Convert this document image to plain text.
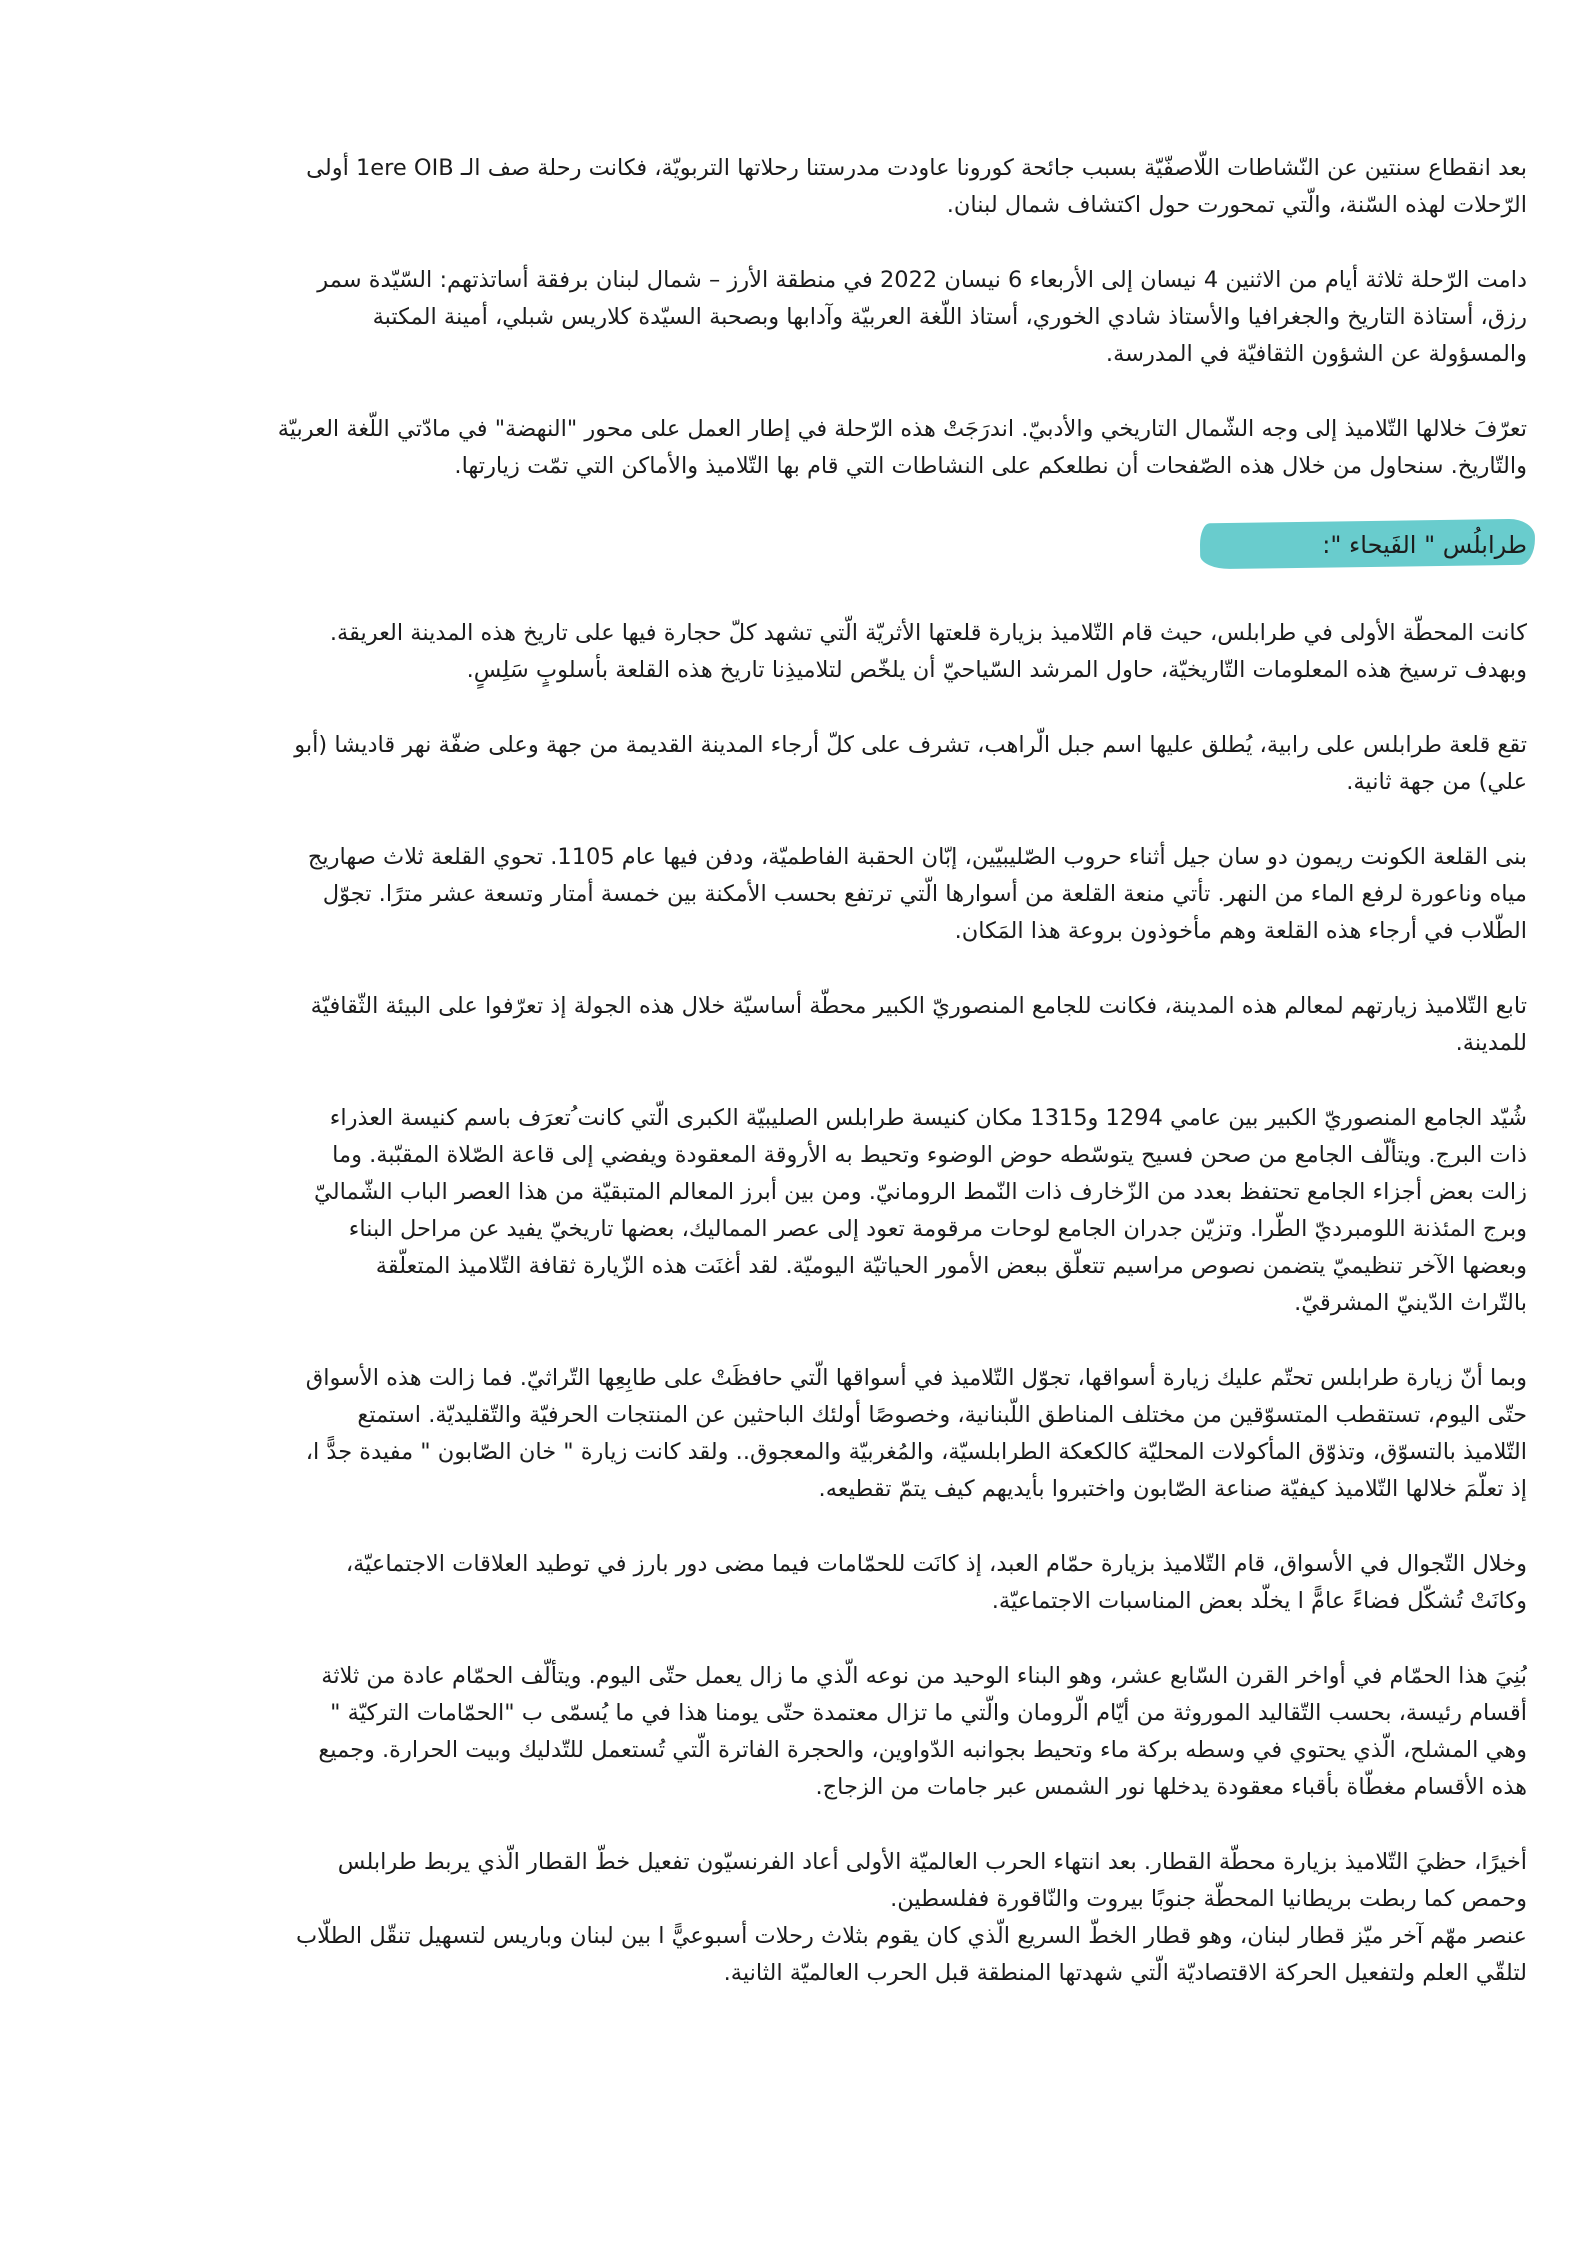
بعد انقطاع سنتين عن النّشاطات اللّاصفّيّة بسبب جائحة كورونا عاودت مدرستنا رحلاتها التربويّة، فكانت رحلة صف الـ 1ere OIB أولى
الرّحلات لهذه السّنة، والّتي تمحورت حول اكتشاف شمال لبنان.
دامت الرّحلة ثلاثة أيام من الاثنين 4 نيسان إلى الأربعاء 6 نيسان 2022 في منطقة الأرز – شمال لبنان برفقة أساتذتهم: السّيّدة سمر
رزق، أستاذة التاريخ والجغرافيا والأستاذ شادي الخوري، أستاذ اللّغة العربيّة وآدابها وبصحبة السيّدة كلاريس شبلي، أمينة المكتبة
والمسؤولة عن الشؤون الثقافيّة في المدرسة.
تعرّفَ خلالها التّلاميذ إلى وجه الشّمال التاريخي والأدبيّ. اندرَجَتْ هذه الرّحلة في إطار العمل على محور "النهضة" في مادّتي اللّغة العربيّة
والتّاريخ. سنحاول من خلال هذه الصّفحات أن نطلعكم على النشاطات التي قام بها التّلاميذ والأماكن التي تمّت زيارتها.
طرابلُس " الفَيحاء ":
كانت المحطّة الأولى في طرابلس، حيث قام التّلاميذ بزيارة قلعتها الأثريّة الّتي تشهد كلّ حجارة فيها على تاريخ هذه المدينة العريقة.
وبهدف ترسيخ هذه المعلومات التّاريخيّة، حاول المرشد السّياحيّ أن يلخّص لتلاميذِنا تاريخ هذه القلعة بأسلوبٍ سَلِسٍ.
تقع قلعة طرابلس على رابية، يُطلق عليها اسم جبل الّراهب، تشرف على كلّ أرجاء المدينة القديمة من جهة وعلى ضفّة نهر قاديشا (أبو
علي) من جهة ثانية.
بنى القلعة الكونت ريمون دو سان جيل أثناء حروب الصّليبيّين، إبّان الحقبة الفاطميّة، ودفن فيها عام 1105. تحوي القلعة ثلاث صهاريج
مياه وناعورة لرفع الماء من النهر. تأتي منعة القلعة من أسوارها الّتي ترتفع بحسب الأمكنة بين خمسة أمتار وتسعة عشر مترًا. تجوّل
الطّلاب في أرجاء هذه القلعة وهم مأخوذون بروعة هذا المَكان.
تابع التّلاميذ زيارتهم لمعالم هذه المدينة، فكانت للجامع المنصوريّ الكبير محطّة أساسيّة خلال هذه الجولة إذ تعرّفوا على البيئة الثّقافيّة
للمدينة.
شُيّد الجامع المنصوريّ الكبير بين عامي 1294 و1315 مكان كنيسة طرابلس الصليبيّة الكبرى الّتي كانت ُتعرَف باسم كنيسة العذراء
ذات البرج. ويتألّف الجامع من صحن فسيح يتوسّطه حوض الوضوء وتحيط به الأروقة المعقودة ويفضي إلى قاعة الصّلاة المقبّبة. وما
زالت بعض أجزاء الجامع تحتفظ بعدد من الزّخارف ذات النّمط الرومانيّ. ومن بين أبرز المعالم المتبقيّة من هذا العصر الباب الشّماليّ
وبرج المئذنة اللومبرديّ الطّرا. وتزيّن جدران الجامع لوحات مرقومة تعود إلى عصر المماليك، بعضها تاريخيّ يفيد عن مراحل البناء
وبعضها الآخر تنظيميّ يتضمن نصوص مراسيم تتعلّق ببعض الأمور الحياتيّة اليوميّة. لقد أغنَت هذه الزّيارة ثقافة التّلاميذ المتعلّقة
بالتّراث الدّينيّ المشرقيّ.
وبما أنّ زيارة طرابلس تحتّم عليك زيارة أسواقها، تجوّل التّلاميذ في أسواقها الّتي حافظَتْ على طابِعِها التّراثيّ. فما زالت هذه الأسواق
حتّى اليوم، تستقطب المتسوّقين من مختلف المناطق اللّبنانية، وخصوصًا أولئك الباحثين عن المنتجات الحرفيّة والتّقليديّة. استمتع
التّلاميذ بالتسوّق، وتذوّق المأكولات المحليّة كالكعكة الطرابلسيّة، والمُغربيّة والمعجوق.. ولقد كانت زيارة " خان الصّابون " مفيدة جدًّ ا،
إذ تعلّمَ خلالها التّلاميذ كيفيّة صناعة الصّابون واختبروا بأيديهم كيف يتمّ تقطيعه.
وخلال التّجوال في الأسواق، قام التّلاميذ بزيارة حمّام العبد، إذ كانَت للحمّامات فيما مضى دور بارز في توطيد العلاقات الاجتماعيّة،
وكانَتْ تُشكّل فضاءً عامًّ ا يخلّد بعض المناسبات الاجتماعيّة.
بُنِيَ هذا الحمّام في أواخر القرن السّابع عشر، وهو البناء الوحيد من نوعه الّذي ما زال يعمل حتّى اليوم. ويتألّف الحمّام عادة من ثلاثة
أقسام رئيسة، بحسب التّقاليد الموروثة من أيّام الّرومان والّتي ما تزال معتمدة حتّى يومنا هذا في ما يُسمّى ب "الحمّامات التركيّة "
وهي المشلح، الّذي يحتوي في وسطه بركة ماء وتحيط بجوانبه الدّواوين، والحجرة الفاترة الّتي تُستعمل للتّدليك وبيت الحرارة. وجميع
هذه الأقسام مغطّاة بأقباء معقودة يدخلها نور الشمس عبر جامات من الزجاج.
أخيرًا، حظيَ التّلاميذ بزيارة محطّة القطار. بعد انتهاء الحرب العالميّة الأولى أعاد الفرنسيّون تفعيل خطّ القطار الّذي يربط طرابلس
وحمص كما ربطت بريطانيا المحطّة جنوبًا بيروت والنّاقورة ففلسطين.
عنصر مهّم آخر ميّز قطار لبنان، وهو قطار الخطّ السريع الّذي كان يقوم بثلاث رحلات أسبوعيًّ ا بين لبنان وباريس لتسهيل تنقّل الطلّاب
لتلقّي العلم ولتفعيل الحركة الاقتصاديّة الّتي شهدتها المنطقة قبل الحرب العالميّة الثانية.
